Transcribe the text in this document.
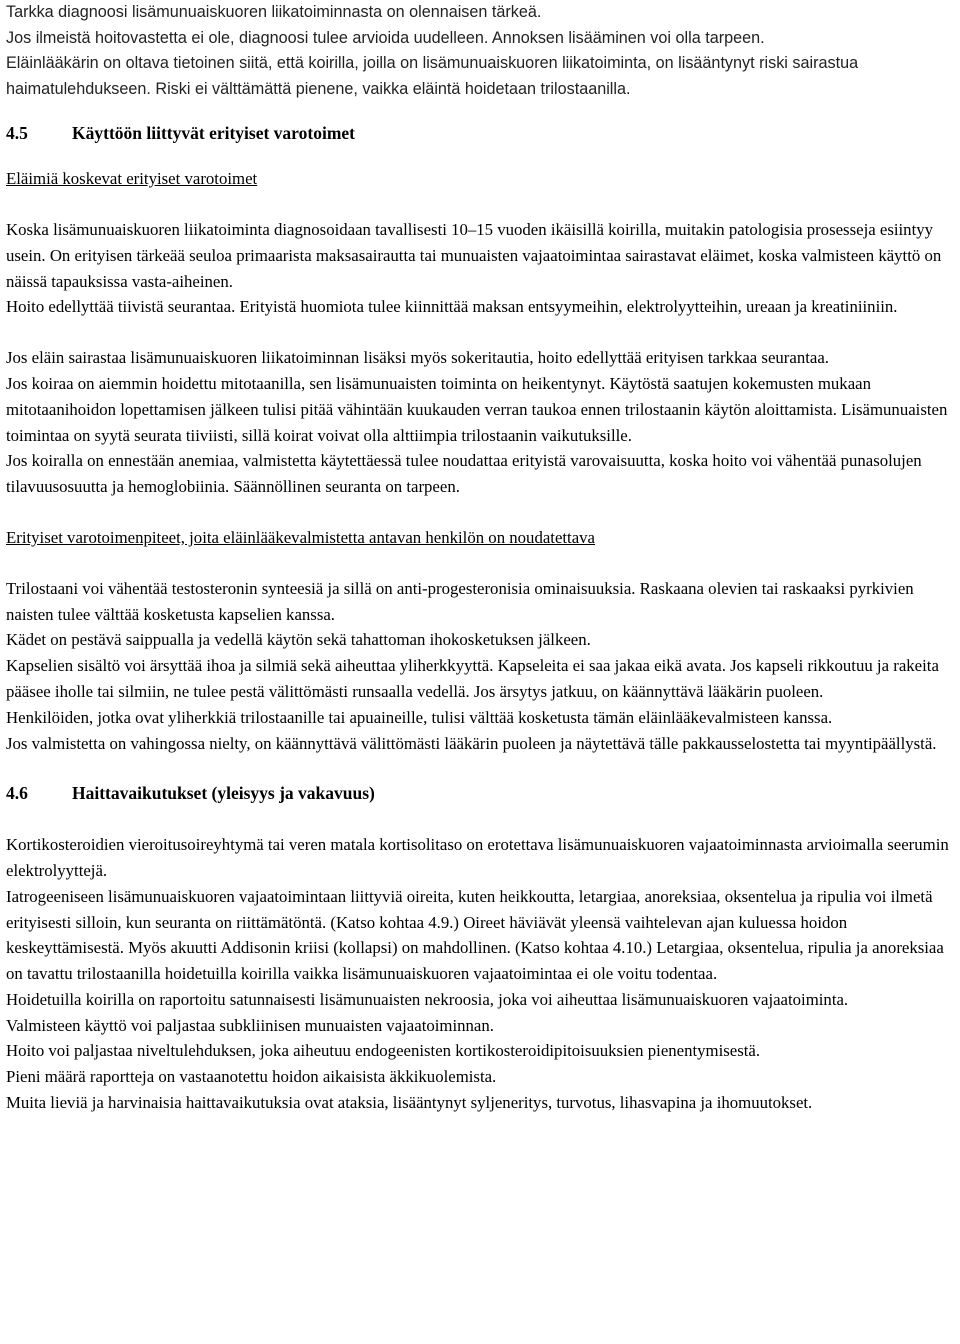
Tarkka diagnoosi lisämunuaiskuoren liikatoiminnasta on olennaisen tärkeä.

Jos ilmeistä hoitovastetta ei ole, diagnoosi tulee arvioida uudelleen. Annoksen lisääminen voi olla tarpeen.

Eläinlääkärin on oltava tietoinen siitä, että koirilla, joilla on lisämunuaiskuoren liikatoiminta, on lisääntynyt riski sairastua haimatulehdukseen. Riski ei välttämättä pienene, vaikka eläintä hoidetaan trilostaanilla.

4.5	Käyttöön liittyvät erityiset varotoimet

Eläimiä koskevat erityiset varotoimet

Koska lisämunuaiskuoren liikatoiminta diagnosoidaan tavallisesti 10–15 vuoden ikäisillä koirilla, muitakin patologisia prosesseja esiintyy usein. On erityisen tärkeää seuloa primaarista maksasairautta tai munuaisten vajaatoimintaa sairastavat eläimet, koska valmisteen käyttö on näissä tapauksissa vasta-aiheinen.

Hoito edellyttää tiivistä seurantaa. Erityistä huomiota tulee kiinnittää maksan entsyymeihin, elektrolyytteihin, ureaan ja kreatiniiniin.

Jos eläin sairastaa lisämunuaiskuoren liikatoiminnan lisäksi myös sokeritautia, hoito edellyttää erityisen tarkkaa seurantaa.

Jos koiraa on aiemmin hoidettu mitotaanilla, sen lisämunuaisten toiminta on heikentynyt. Käytöstä saatujen kokemusten mukaan mitotaanihoidon lopettamisen jälkeen tulisi pitää vähintään kuukauden verran taukoa ennen trilostaanin käytön aloittamista. Lisämunuaisten toimintaa on syytä seurata tiiviisti, sillä koirat voivat olla alttiimpia trilostaanin vaikutuksille.

Jos koiralla on ennestään anemiaa, valmistetta käytettäessä tulee noudattaa erityistä varovaisuutta, koska hoito voi vähentää punasolujen tilavuusosuutta ja hemoglobiinia. Säännöllinen seuranta on tarpeen.

Erityiset varotoimenpiteet, joita eläinlääkevalmistetta antavan henkilön on noudatettava

Trilostaani voi vähentää testosteronin synteesiä ja sillä on anti-progesteronisia ominaisuuksia. Raskaana olevien tai raskaaksi pyrkivien naisten tulee välttää kosketusta kapselien kanssa.

Kädet on pestävä saippualla ja vedellä käytön sekä tahattoman ihokosketuksen jälkeen.

Kapselien sisältö voi ärsyttää ihoa ja silmiä sekä aiheuttaa yliherkkyyttä. Kapseleita ei saa jakaa eikä avata. Jos kapseli rikkoutuu ja rakeita pääsee iholle tai silmiin, ne tulee pestä välittömästi runsaalla vedellä. Jos ärsytys jatkuu, on käännyttävä lääkärin puoleen.

Henkilöiden, jotka ovat yliherkkiä trilostaanille tai apuaineille, tulisi välttää kosketusta tämän eläinlääkevalmisteen kanssa.

Jos valmistetta on vahingossa nielty, on käännyttävä välittömästi lääkärin puoleen ja näytettävä tälle pakkausselostetta tai myyntipäällystä.

4.6	Haittavaikutukset (yleisyys ja vakavuus)

Kortikosteroidien vieroitusoireyhtymä tai veren matala kortisolitaso on erotettava lisämunuaiskuoren vajaatoiminnasta arvioimalla seerumin elektrolyyttejä.

Iatrogeeniseen lisämunuaiskuoren vajaatoimintaan liittyviä oireita, kuten heikkoutta, letargiaa, anoreksiaa, oksentelua ja ripulia voi ilmetä erityisesti silloin, kun seuranta on riittämätöntä. (Katso kohtaa 4.9.) Oireet häviävät yleensä vaihtelevan ajan kuluessa hoidon keskeyttämisestä. Myös akuutti Addisonin kriisi (kollapsi) on mahdollinen. (Katso kohtaa 4.10.) Letargiaa, oksentelua, ripulia ja anoreksiaa on tavattu trilostaanilla hoidetuilla koirilla vaikka lisämunuaiskuoren vajaatoimintaa ei ole voitu todentaa.

Hoidetuilla koirilla on raportoitu satunnaisesti lisämunuaisten nekroosia, joka voi aiheuttaa lisämunuaiskuoren vajaatoiminta.

Valmisteen käyttö voi paljastaa subkliinisen munuaisten vajaatoiminnan.

Hoito voi paljastaa niveltulehduksen, joka aiheutuu endogeenisten kortikosteroidipitoisuuksien pienentymisestä.

Pieni määrä raportteja on vastaanotettu hoidon aikaisista äkkikuolemista.

Muita lieviä ja harvinaisia haittavaikutuksia ovat ataksia, lisääntynyt syljeneritys, turvotus, lihasvapina ja ihomuutokset.
